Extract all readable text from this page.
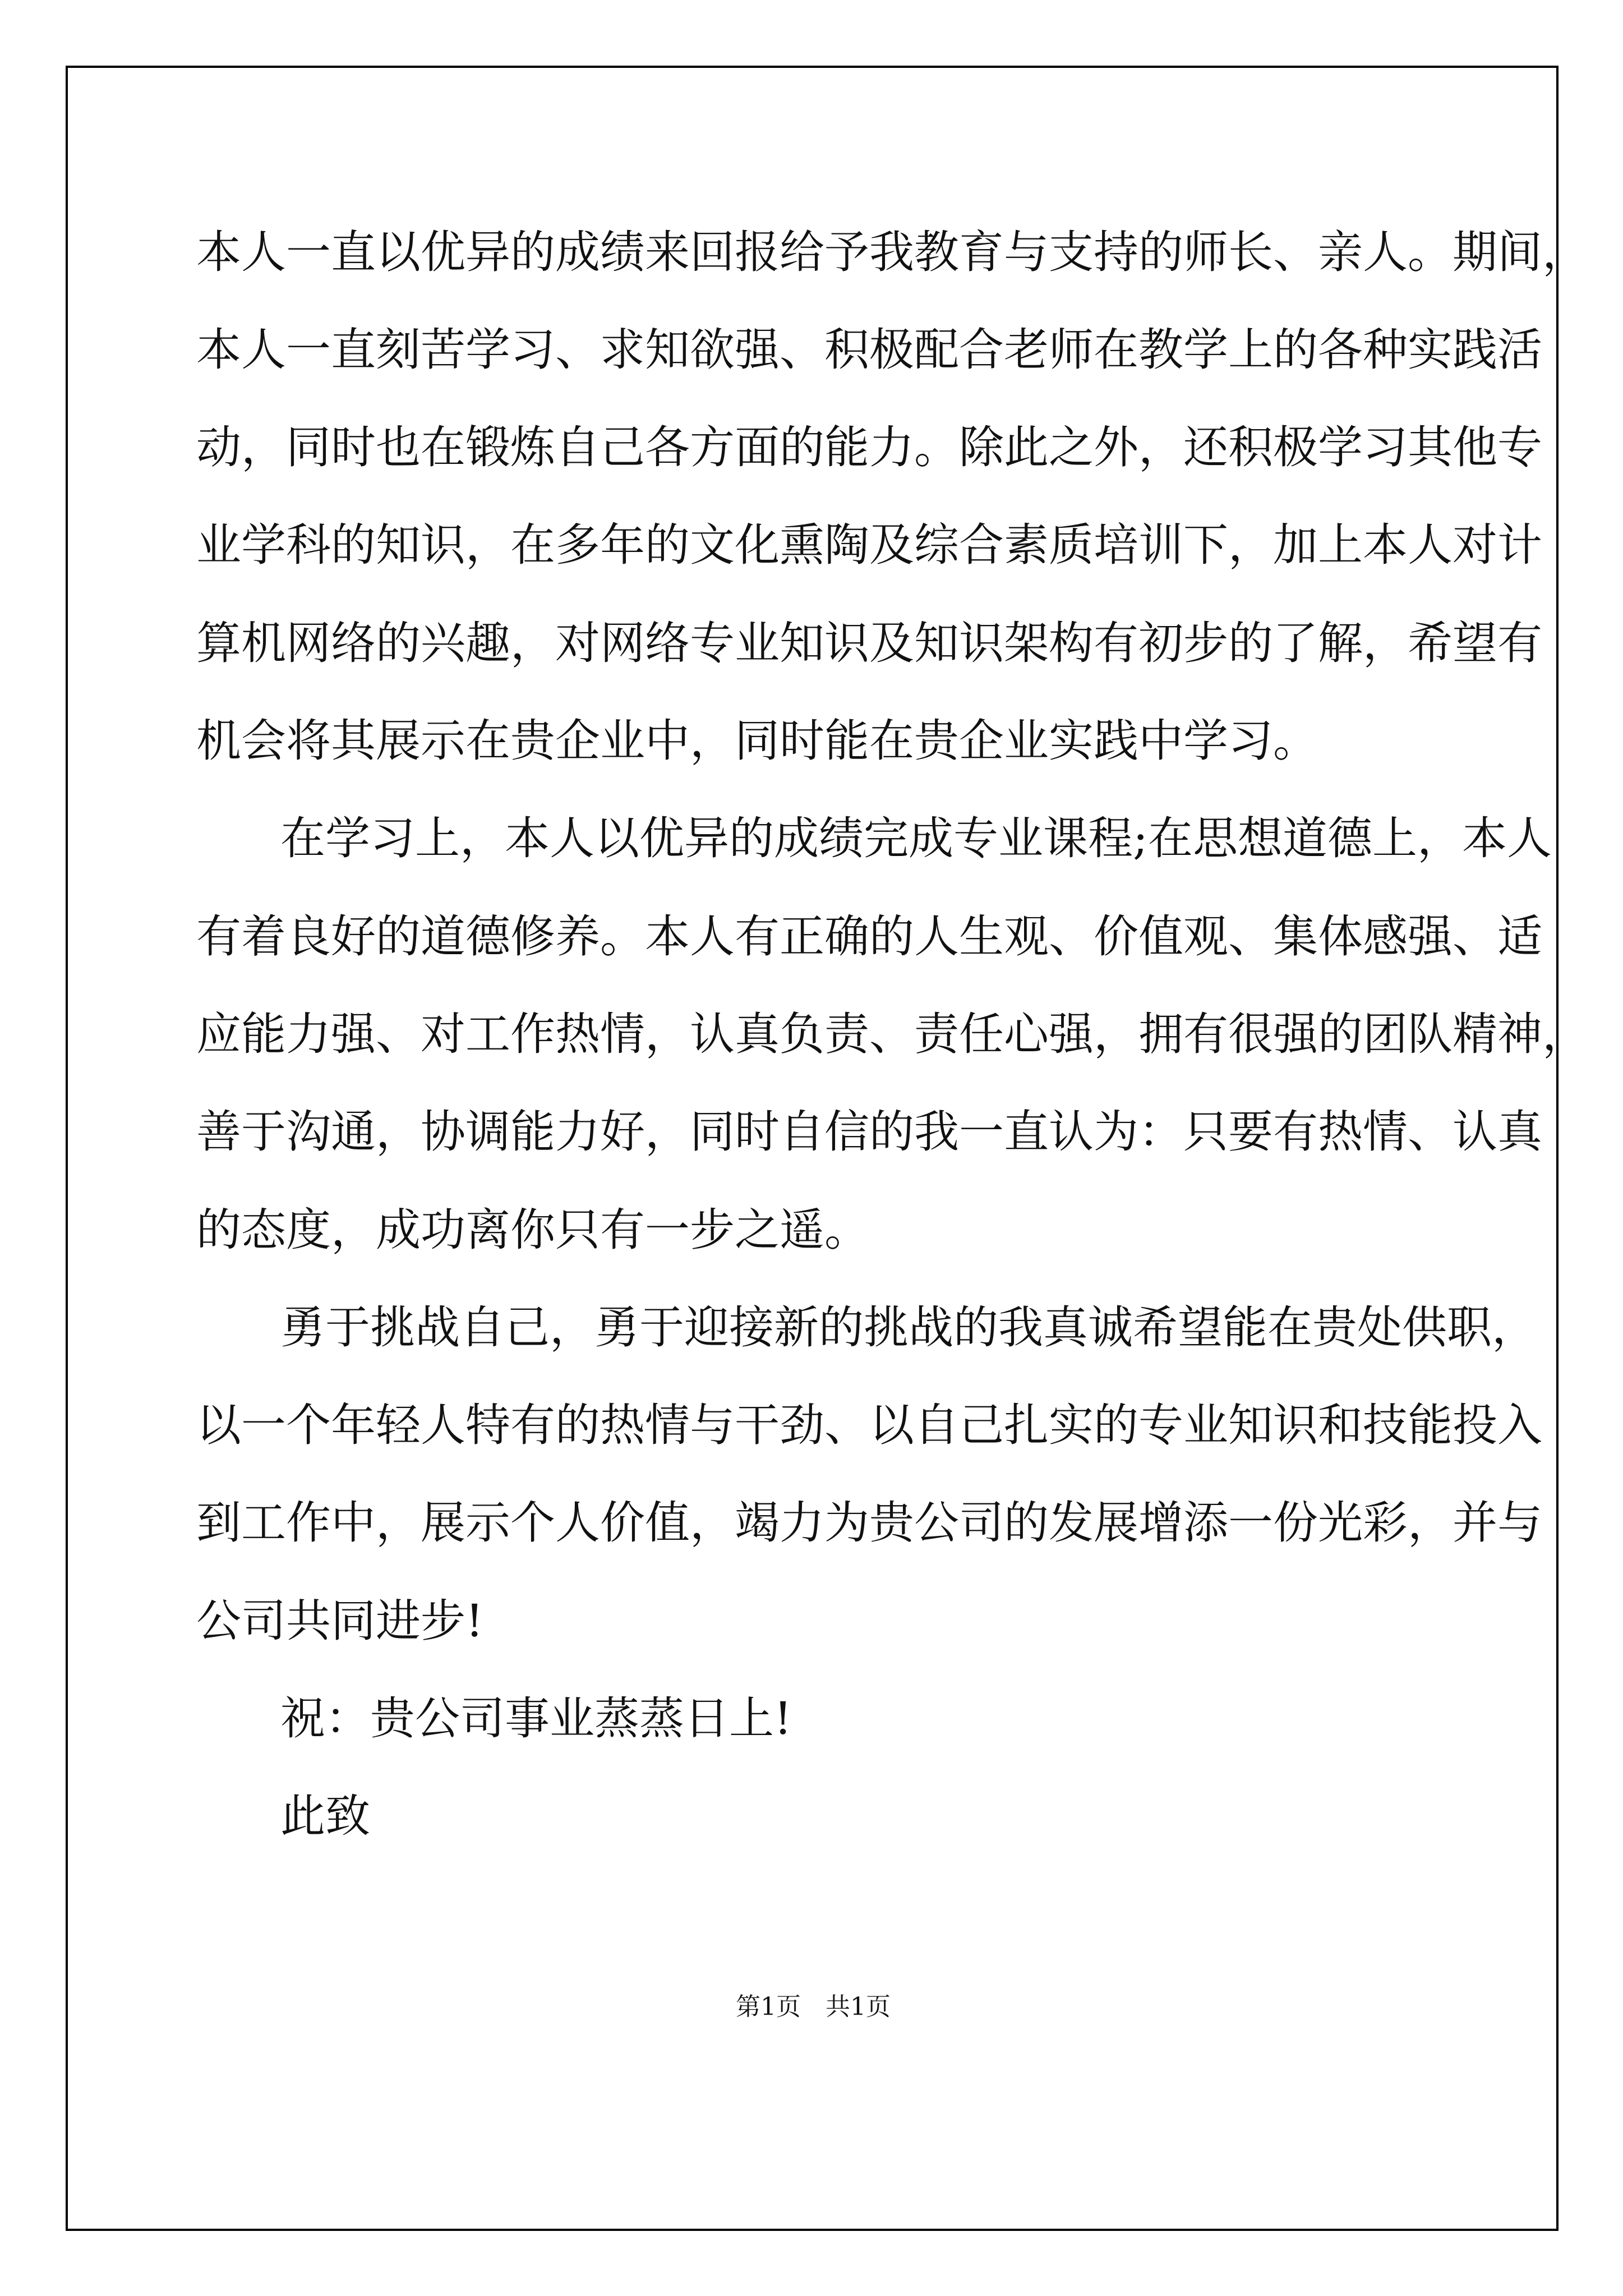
本人一直以优异的成绩来回报给予我教育与支持的师长、亲人。期间，
本人一直刻苦学习、求知欲强、积极配合老师在教学上的各种实践活
动，同时也在锻炼自己各方面的能力。除此之外，还积极学习其他专
业学科的知识，在多年的文化熏陶及综合素质培训下，加上本人对计
算机网络的兴趣，对网络专业知识及知识架构有初步的了解，希望有
机会将其展示在贵企业中，同时能在贵企业实践中学习。
在学习上，本人以优异的成绩完成专业课程;在思想道德上，本人
有着良好的道德修养。本人有正确的人生观、价值观、集体感强、适
应能力强、对工作热情，认真负责、责任心强，拥有很强的团队精神，
善于沟通，协调能力好，同时自信的我一直认为：只要有热情、认真
的态度，成功离你只有一步之遥。
勇于挑战自己，勇于迎接新的挑战的我真诚希望能在贵处供职，
以一个年轻人特有的热情与干劲、以自己扎实的专业知识和技能投入
到工作中，展示个人价值，竭力为贵公司的发展增添一份光彩，并与
公司共同进步!
祝：贵公司事业蒸蒸日上!
此致
第1页　共1页
